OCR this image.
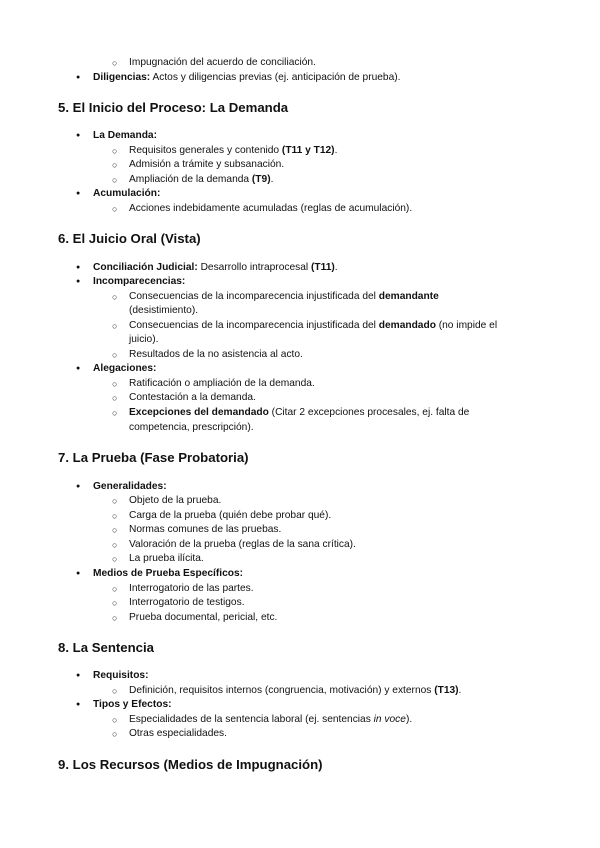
○ Impugnación del acuerdo de conciliación.
● Diligencias: Actos y diligencias previas (ej. anticipación de prueba).
5. El Inicio del Proceso: La Demanda
● La Demanda:
○ Requisitos generales y contenido (T11 y T12).
○ Admisión a trámite y subsanación.
○ Ampliación de la demanda (T9).
● Acumulación:
○ Acciones indebidamente acumuladas (reglas de acumulación).
6. El Juicio Oral (Vista)
● Conciliación Judicial: Desarrollo intraprocesal (T11).
● Incomparecencias:
○ Consecuencias de la incomparecencia injustificada del demandante
(desistimiento).
○ Consecuencias de la incomparecencia injustificada del demandado (no impide el
juicio).
○ Resultados de la no asistencia al acto.
● Alegaciones:
○ Ratificación o ampliación de la demanda.
○ Contestación a la demanda.
○ Excepciones del demandado (Citar 2 excepciones procesales, ej. falta de
competencia, prescripción).
7. La Prueba (Fase Probatoria)
● Generalidades:
○ Objeto de la prueba.
○ Carga de la prueba (quién debe probar qué).
○ Normas comunes de las pruebas.
○ Valoración de la prueba (reglas de la sana crítica).
○ La prueba ilícita.
● Medios de Prueba Específicos:
○ Interrogatorio de las partes.
○ Interrogatorio de testigos.
○ Prueba documental, pericial, etc.
8. La Sentencia
● Requisitos:
○ Definición, requisitos internos (congruencia, motivación) y externos (T13).
● Tipos y Efectos:
○ Especialidades de la sentencia laboral (ej. sentencias in voce).
○ Otras especialidades.
9. Los Recursos (Medios de Impugnación)
